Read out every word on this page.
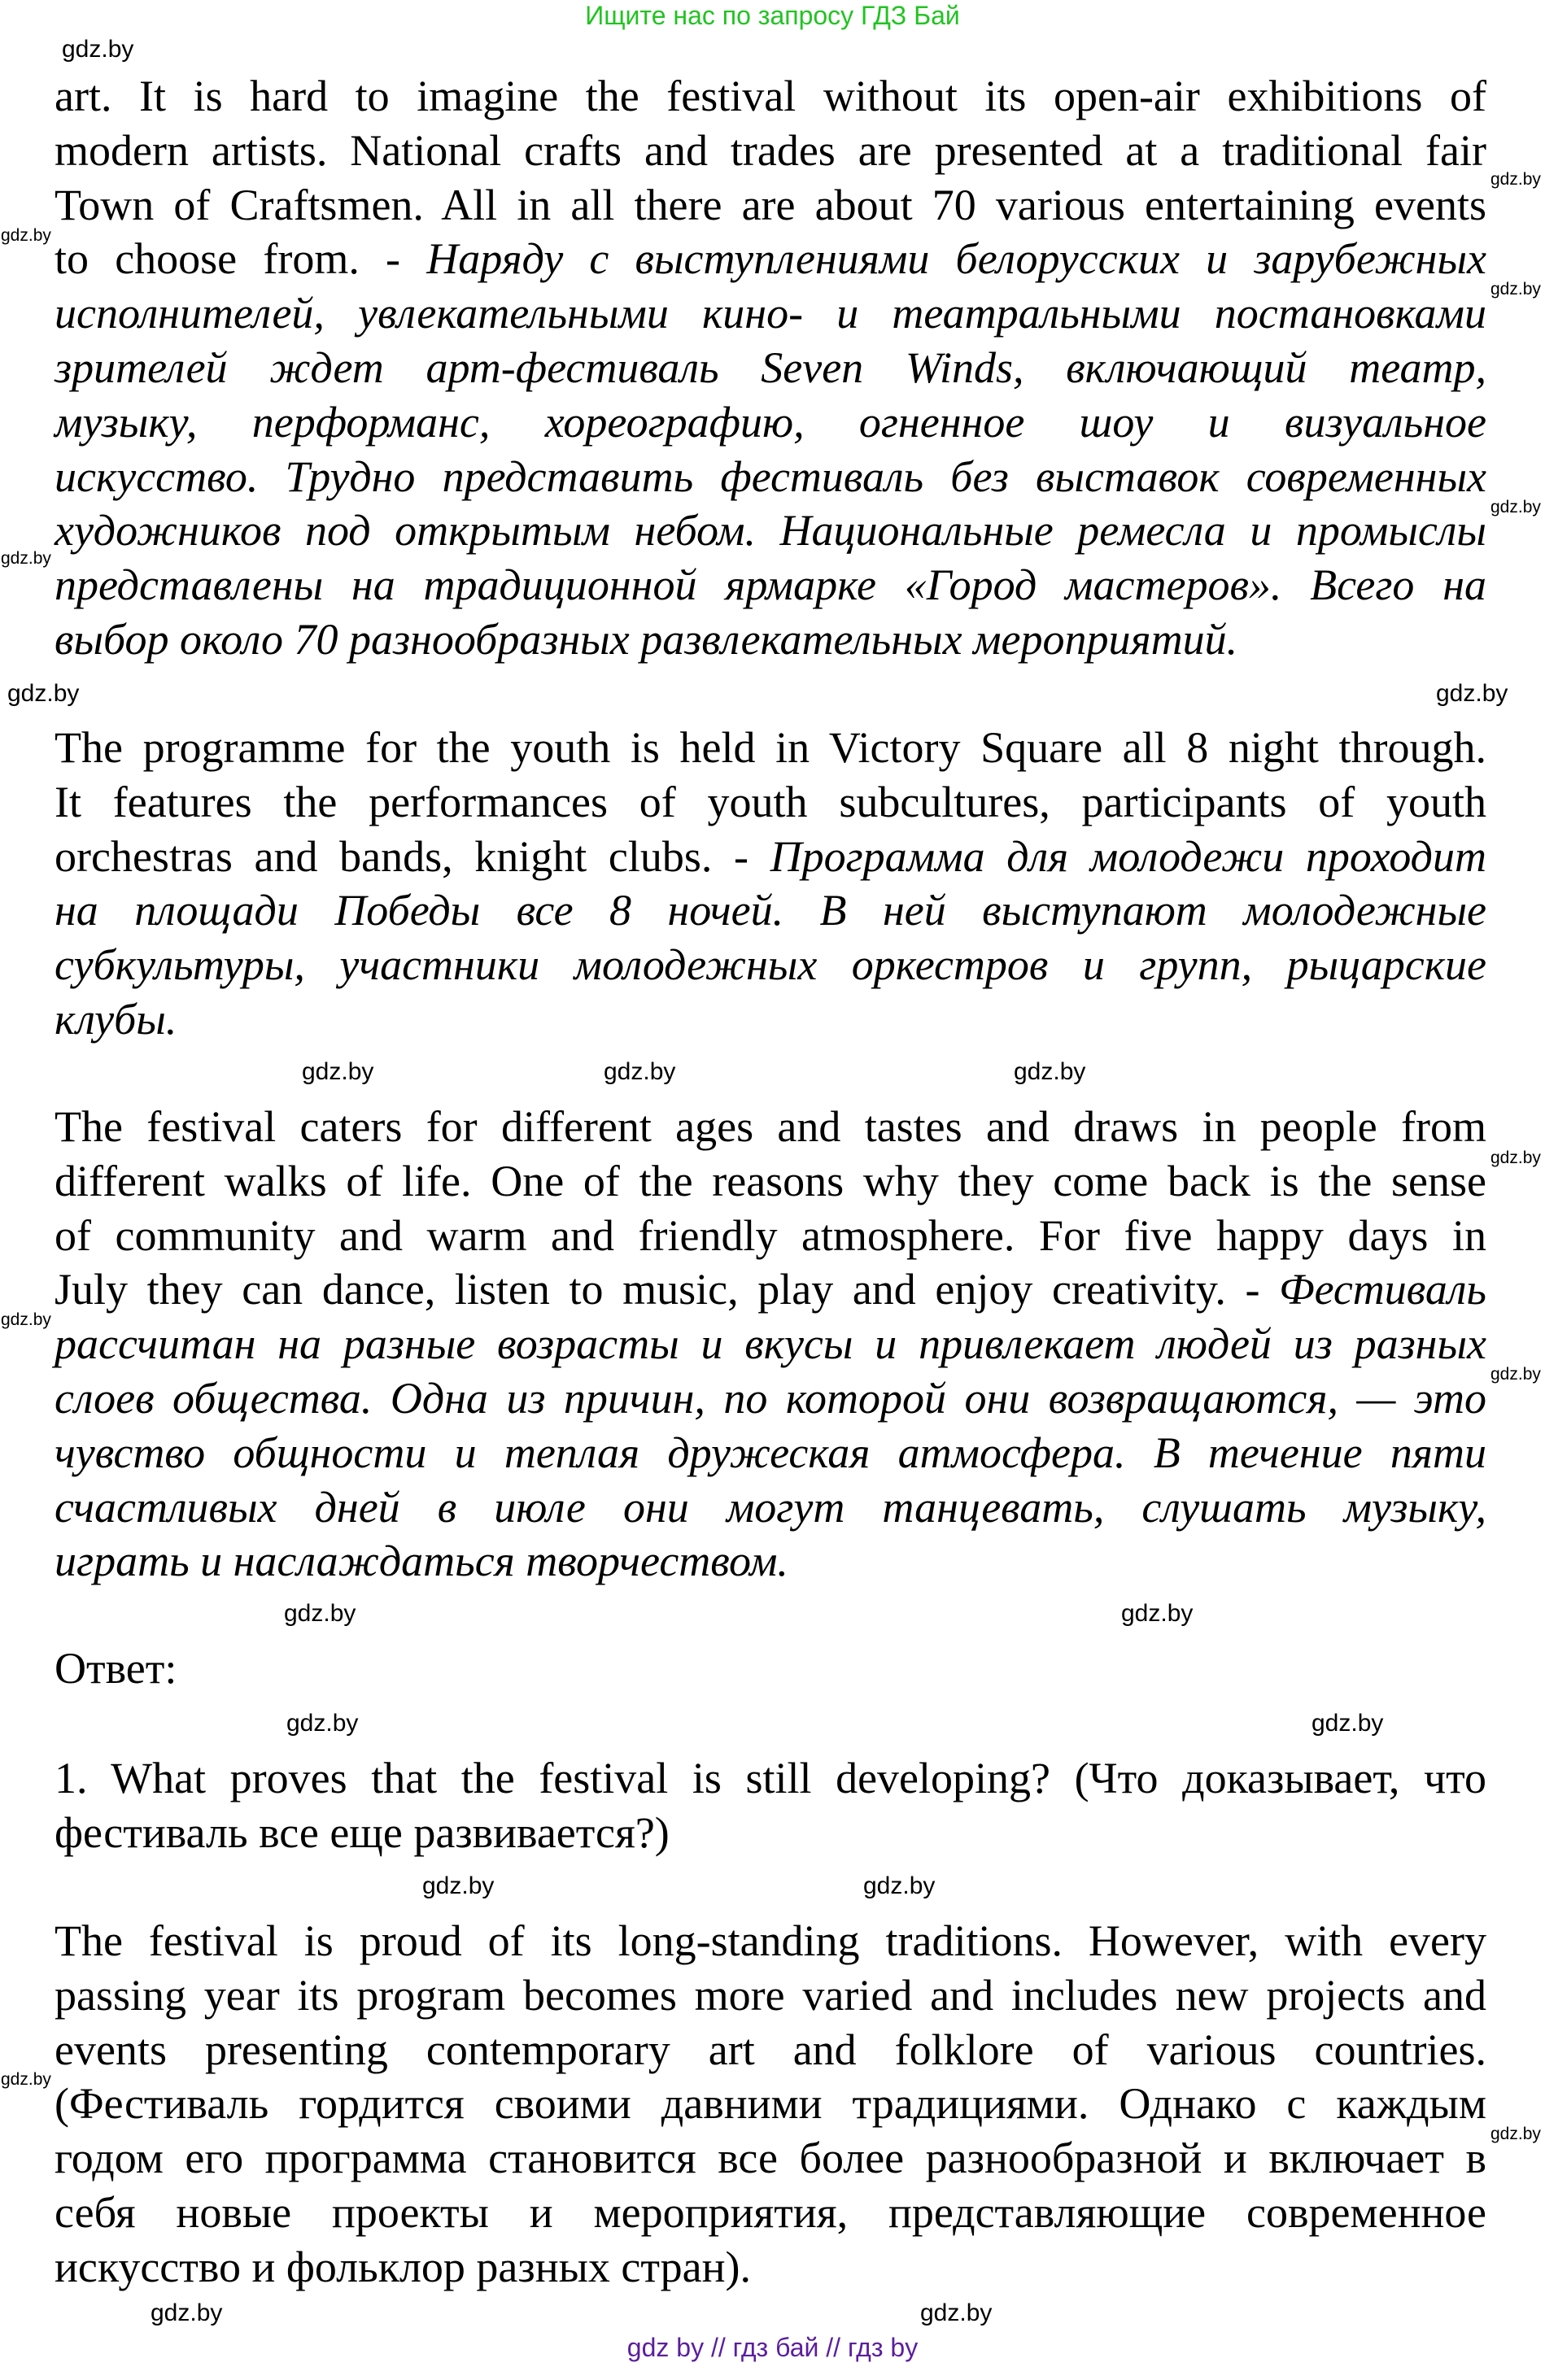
Ищите нас по запросу ГДЗ Бай
art. It is hard to imagine the festival without its open-air exhibitions of
modern artists. National crafts and trades are presented at a traditional fair
Town of Craftsmen. All in all there are about 70 various entertaining events
to choose from. - Наряду с выступлениями белорусских и зарубежных
исполнителей, увлекательными кино- и театральными постановками
зрителей ждет арт-фестиваль Seven Winds, включающий театр,
музыку, перформанс, хореографию, огненное шоу и визуальное
искусство. Трудно представить фестиваль без выставок современных
художников под открытым небом. Национальные ремесла и промыслы
представлены на традиционной ярмарке «Город мастеров». Всего на
выбор около 70 разнообразных развлекательных мероприятий.
The programme for the youth is held in Victory Square all 8 night through.
It features the performances of youth subcultures, participants of youth
orchestras and bands, knight clubs. - Программа для молодежи проходит
на площади Победы все 8 ночей. В ней выступают молодежные
субкультуры, участники молодежных оркестров и групп, рыцарские
клубы.
The festival caters for different ages and tastes and draws in people from
different walks of life. One of the reasons why they come back is the sense
of community and warm and friendly atmosphere. For five happy days in
July they can dance, listen to music, play and enjoy creativity. - Фестиваль
рассчитан на разные возрасты и вкусы и привлекает людей из разных
слоев общества. Одна из причин, по которой они возвращаются, — это
чувство общности и теплая дружеская атмосфера. В течение пяти
счастливых дней в июле они могут танцевать, слушать музыку,
играть и наслаждаться творчеством.
Ответ:
1. What proves that the festival is still developing? (Что доказывает, что
фестиваль все еще развивается?)
The festival is proud of its long-standing traditions. However, with every
passing year its program becomes more varied and includes new projects and
events presenting contemporary art and folklore of various countries.
(Фестиваль гордится своими давними традициями. Однако с каждым
годом его программа становится все более разнообразной и включает в
себя новые проекты и мероприятия, представляющие современное
искусство и фольклор разных стран).
gdz.by
gdz.by
gdz.by
gdz.by
gdz.by
gdz.by
gdz.by
gdz.by
gdz.by
gdz.by	gdz.by
gdz.by
gdz.by
gdz.by
gdz.by
gdz.by
gdz.by
gdz.by
gdz.by
gdz.by
gdz.by
gdz.by
gdz.by
gdz.by
gdz by // гдз бай // гдз by
